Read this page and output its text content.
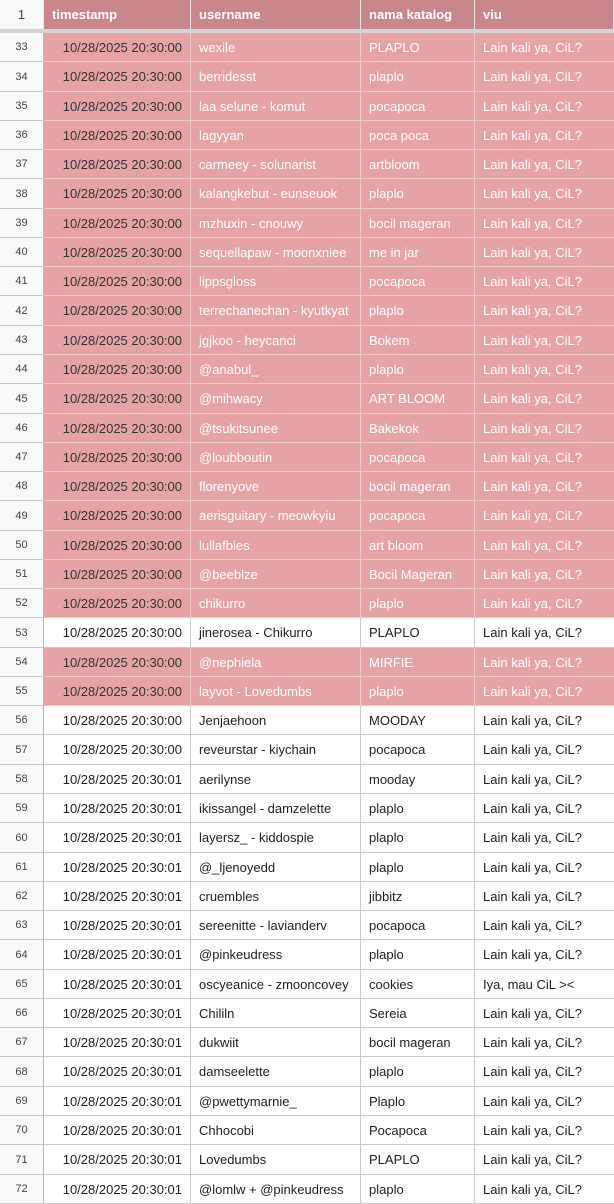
1	timestamp	username	nama katalog	viu
33	10/28/2025 20:30:00	wexile	PLAPLO	Lain kali ya, CiL?
34	10/28/2025 20:30:00	berridesst	plaplo	Lain kali ya, CiL?
35	10/28/2025 20:30:00	laa selune - komut	pocapoca	Lain kali ya, CiL?
36	10/28/2025 20:30:00	lagyyan	poca poca	Lain kali ya, CiL?
37	10/28/2025 20:30:00	carmeey - solunarist	artbloom	Lain kali ya, CiL?
38	10/28/2025 20:30:00	kalangkebut - eunseuok	plaplo	Lain kali ya, CiL?
39	10/28/2025 20:30:00	mzhuxin - cnouwy	bocil mageran	Lain kali ya, CiL?
40	10/28/2025 20:30:00	sequellapaw - moonxniee	me in jar	Lain kali ya, CiL?
41	10/28/2025 20:30:00	lippsgloss	pocapoca	Lain kali ya, CiL?
42	10/28/2025 20:30:00	terrechanechan - kyutkyat	plaplo	Lain kali ya, CiL?
43	10/28/2025 20:30:00	jgjkoo - heycanci	Bokem	Lain kali ya, CiL?
44	10/28/2025 20:30:00	@anabul_	plaplo	Lain kali ya, CiL?
45	10/28/2025 20:30:00	@mihwacy	ART BLOOM	Lain kali ya, CiL?
46	10/28/2025 20:30:00	@tsukitsunee	Bakekok	Lain kali ya, CiL?
47	10/28/2025 20:30:00	@loubboutin	pocapoca	Lain kali ya, CiL?
48	10/28/2025 20:30:00	florenyove	bocil mageran	Lain kali ya, CiL?
49	10/28/2025 20:30:00	aerisguitary - meowkyiu	pocapoca	Lain kali ya, CiL?
50	10/28/2025 20:30:00	lullafbies	art bloom	Lain kali ya, CiL?
51	10/28/2025 20:30:00	@beeblze	Bocil Mageran	Lain kali ya, CiL?
52	10/28/2025 20:30:00	chikurro	plaplo	Lain kali ya, CiL?
53	10/28/2025 20:30:00	jinerosea - Chikurro	PLAPLO	Lain kali ya, CiL?
54	10/28/2025 20:30:00	@nephiela	MIRFIE	Lain kali ya, CiL?
55	10/28/2025 20:30:00	layvot - Lovedumbs	plaplo	Lain kali ya, CiL?
56	10/28/2025 20:30:00	Jenjaehoon	MOODAY	Lain kali ya, CiL?
57	10/28/2025 20:30:00	reveurstar - kiychain	pocapoca	Lain kali ya, CiL?
58	10/28/2025 20:30:01	aerilynse	mooday	Lain kali ya, CiL?
59	10/28/2025 20:30:01	ikissangel - damzelette	plaplo	Lain kali ya, CiL?
60	10/28/2025 20:30:01	layersz_ - kiddospie	plaplo	Lain kali ya, CiL?
61	10/28/2025 20:30:01	@_ljenoyedd	plaplo	Lain kali ya, CiL?
62	10/28/2025 20:30:01	cruembles	jibbitz	Lain kali ya, CiL?
63	10/28/2025 20:30:01	sereenitte - lavianderv	pocapoca	Lain kali ya, CiL?
64	10/28/2025 20:30:01	@pinkeudress	plaplo	Lain kali ya, CiL?
65	10/28/2025 20:30:01	oscyeanice - zmooncovey	cookies	Iya, mau CiL ><
66	10/28/2025 20:30:01	Chililn	Sereia	Lain kali ya, CiL?
67	10/28/2025 20:30:01	dukwiit	bocil mageran	Lain kali ya, CiL?
68	10/28/2025 20:30:01	damseelette	plaplo	Lain kali ya, CiL?
69	10/28/2025 20:30:01	@pwettymarnie_	Plaplo	Lain kali ya, CiL?
70	10/28/2025 20:30:01	Chhocobi	Pocapoca	Lain kali ya, CiL?
71	10/28/2025 20:30:01	Lovedumbs	PLAPLO	Lain kali ya, CiL?
72	10/28/2025 20:30:01	@lomlw + @pinkeudress	plaplo	Lain kali ya, CiL?
